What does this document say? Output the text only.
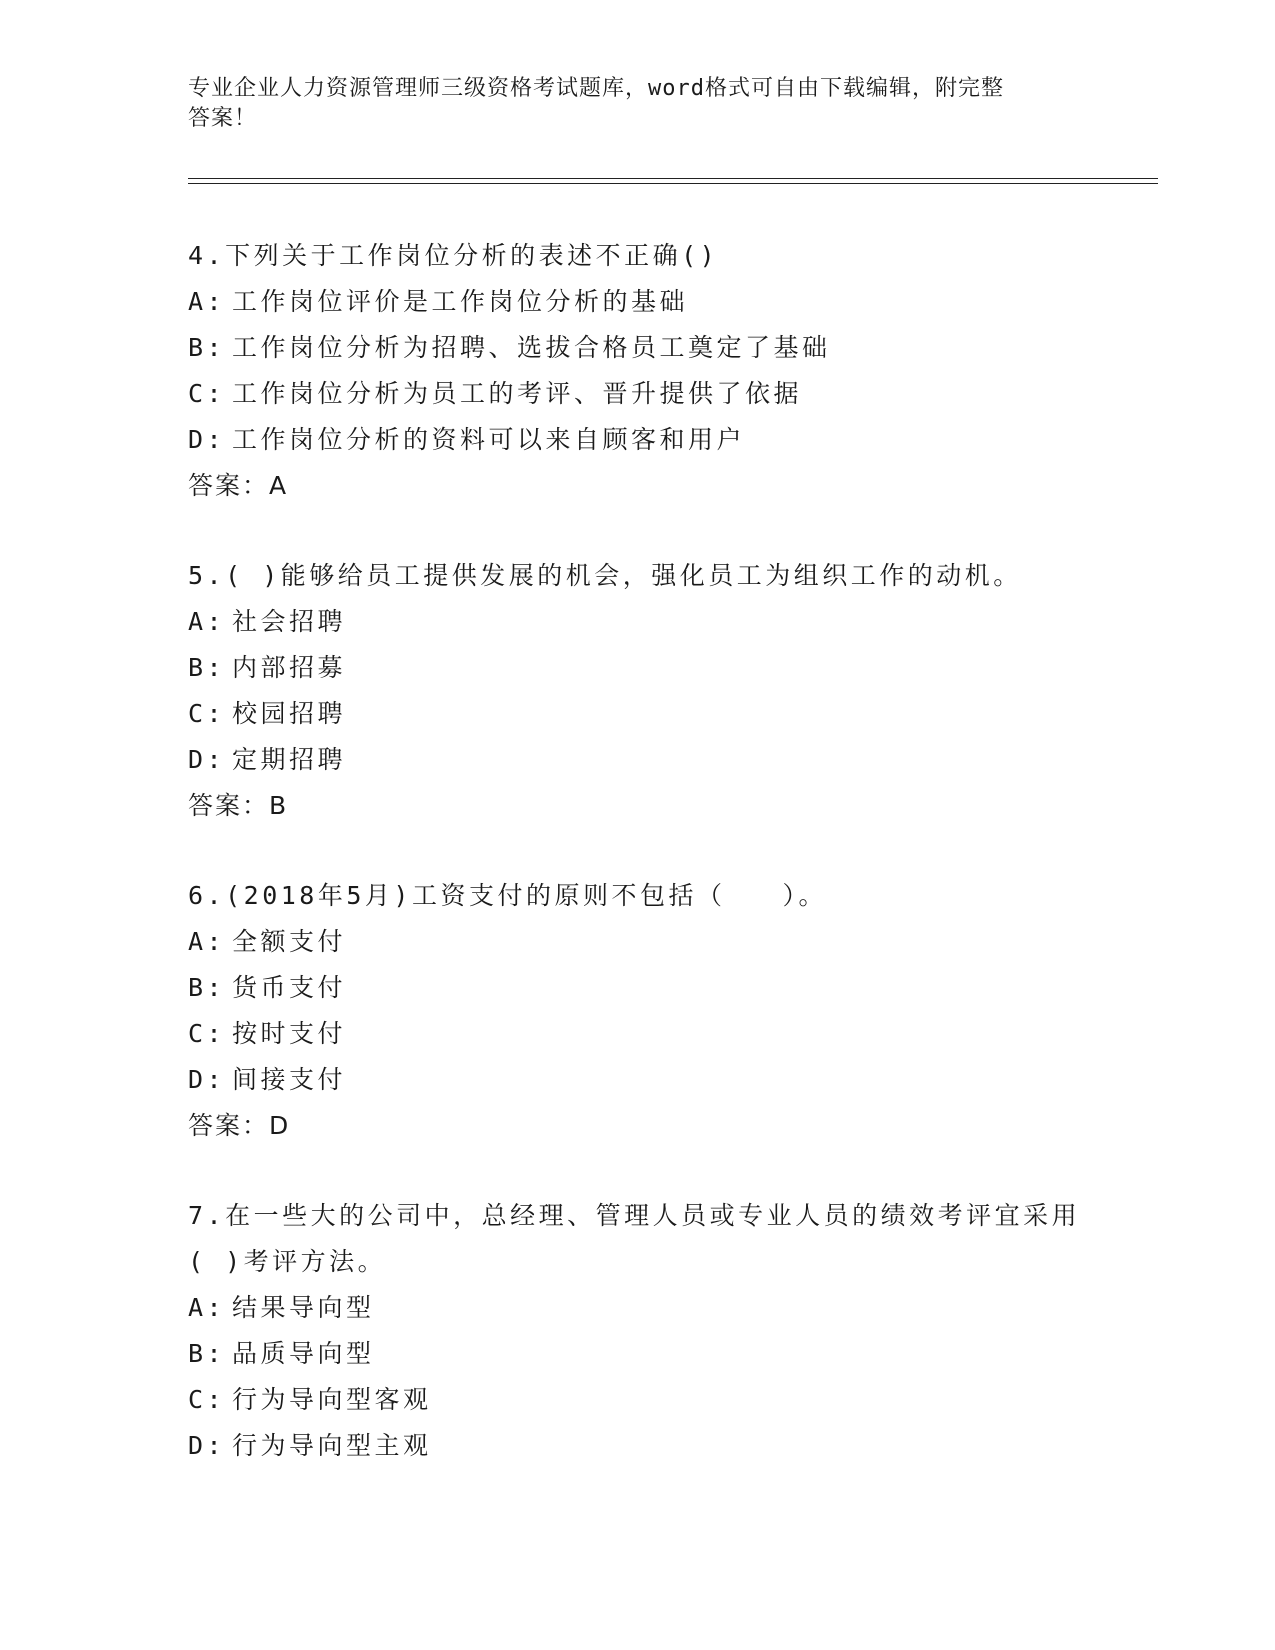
专业企业人力资源管理师三级资格考试题库，word格式可自由下载编辑，附完整
答案！
4.下列关于工作岗位分析的表述不正确()
A: 工作岗位评价是工作岗位分析的基础
B: 工作岗位分析为招聘、选拔合格员工奠定了基础
C: 工作岗位分析为员工的考评、晋升提供了依据
D: 工作岗位分析的资料可以来自顾客和用户
答案：A
5.( )能够给员工提供发展的机会，强化员工为组织工作的动机。
A: 社会招聘
B: 内部招募
C: 校园招聘
D: 定期招聘
答案：B
6.(2018年5月)工资支付的原则不包括（　　）。
A: 全额支付
B: 货币支付
C: 按时支付
D: 间接支付
答案：D
7.在一些大的公司中，总经理、管理人员或专业人员的绩效考评宜采用( )考评方法。
A: 结果导向型
B: 品质导向型
C: 行为导向型客观
D: 行为导向型主观
